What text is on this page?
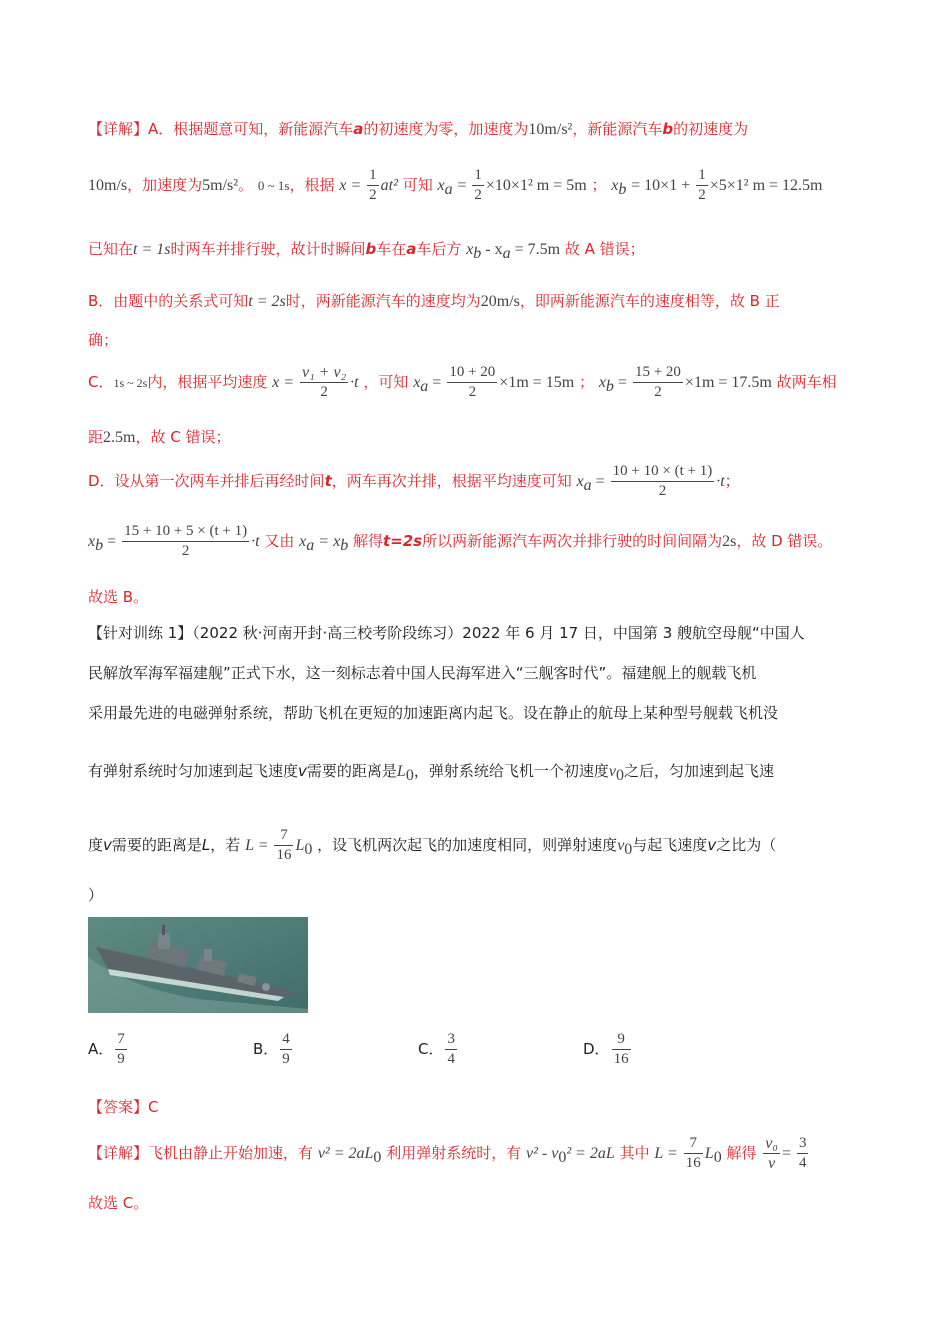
【详解】A．根据题意可知，新能源汽车a的初速度为零，加速度为10m/s²，新能源汽车b的初速度为
10m/s，加速度为5m/s²。 0 ~ 1s，根据 $x = \frac{1}{2} at^2$ 可知 $x_a = \frac{1}{2} \times 10\times 1^2$ m = 5m ； $x_b = 10\times 1 + \frac{1}{2} \times 5\times 1^2$ m = 12.5m
已知在t = 1s时两车并排行驶，故计时瞬间b车在a车后方 $x_b - x_a = 7.5m$ 故 A 错误；
B．由题中的关系式可知t = 2s时，两新能源汽车的速度均为20m/s，即两新能源汽车的速度相等，故 B 正
确；
C．1s ~ 2s内，根据平均速度 $x = \frac{\text{v₁ + v₂}}{2} \cdot t$ ，可知 $x_a = \frac{10 + 20}{2} \times 1m = 15m$ ； $x_b = \frac{15 + 20}{2} \times 1m = 17.5m$ 故两车相
距2.5m，故 C 错误；
D．设从第一次两车并排后再经时间t，两车再次并排，根据平均速度可知 $x_a = \frac{10 + 10 \times (t + 1)}{2} \cdot t$；
$x_b = \frac{15 + 10 + 5 \times (t + 1)}{2} \cdot t$ 又由 $x_a = x_b$ 解得t=2s所以两新能源汽车两次并排行驶的时间间隔为2s，故 D 错误。
故选 B。
【针对训练 1】（2022 秋·河南开封·高三校考阶段练习）2022 年 6 月 17 日，中国第 3 艘航空母舰“中国人
民解放军海军福建舰”正式下水，这一刻标志着中国人民海军进入“三舰客时代”。福建舰上的舰载飞机
采用最先进的电磁弹射系统，帮助飞机在更短的加速距离内起飞。设在静止的航母上某种型号舰载飞机没
有弹射系统时匀加速到起飞速度v需要的距离是$L_0$，弹射系统给飞机一个初速度$v_0$之后，匀加速到起飞速
度v需要的距离是L，若 $L = \frac{7}{16} L_0$ ，设飞机两次起飞的加速度相同，则弹射速度$v_0$与起飞速度v之比为（
）
A． $\frac{7}{9}$	B． $\frac{4}{9}$	C． $\frac{3}{4}$	D． $\frac{9}{16}$
【答案】C
【详解】飞机由静止开始加速，有 $v^2 = 2aL_0$ 利用弹射系统时，有 $v^2 - v_0^2 = 2aL$ 其中 $L = \frac{7}{16} L_0$ 解得 $\frac{\text{v₀}}{v} = \frac{3}{4}$
故选 C。
